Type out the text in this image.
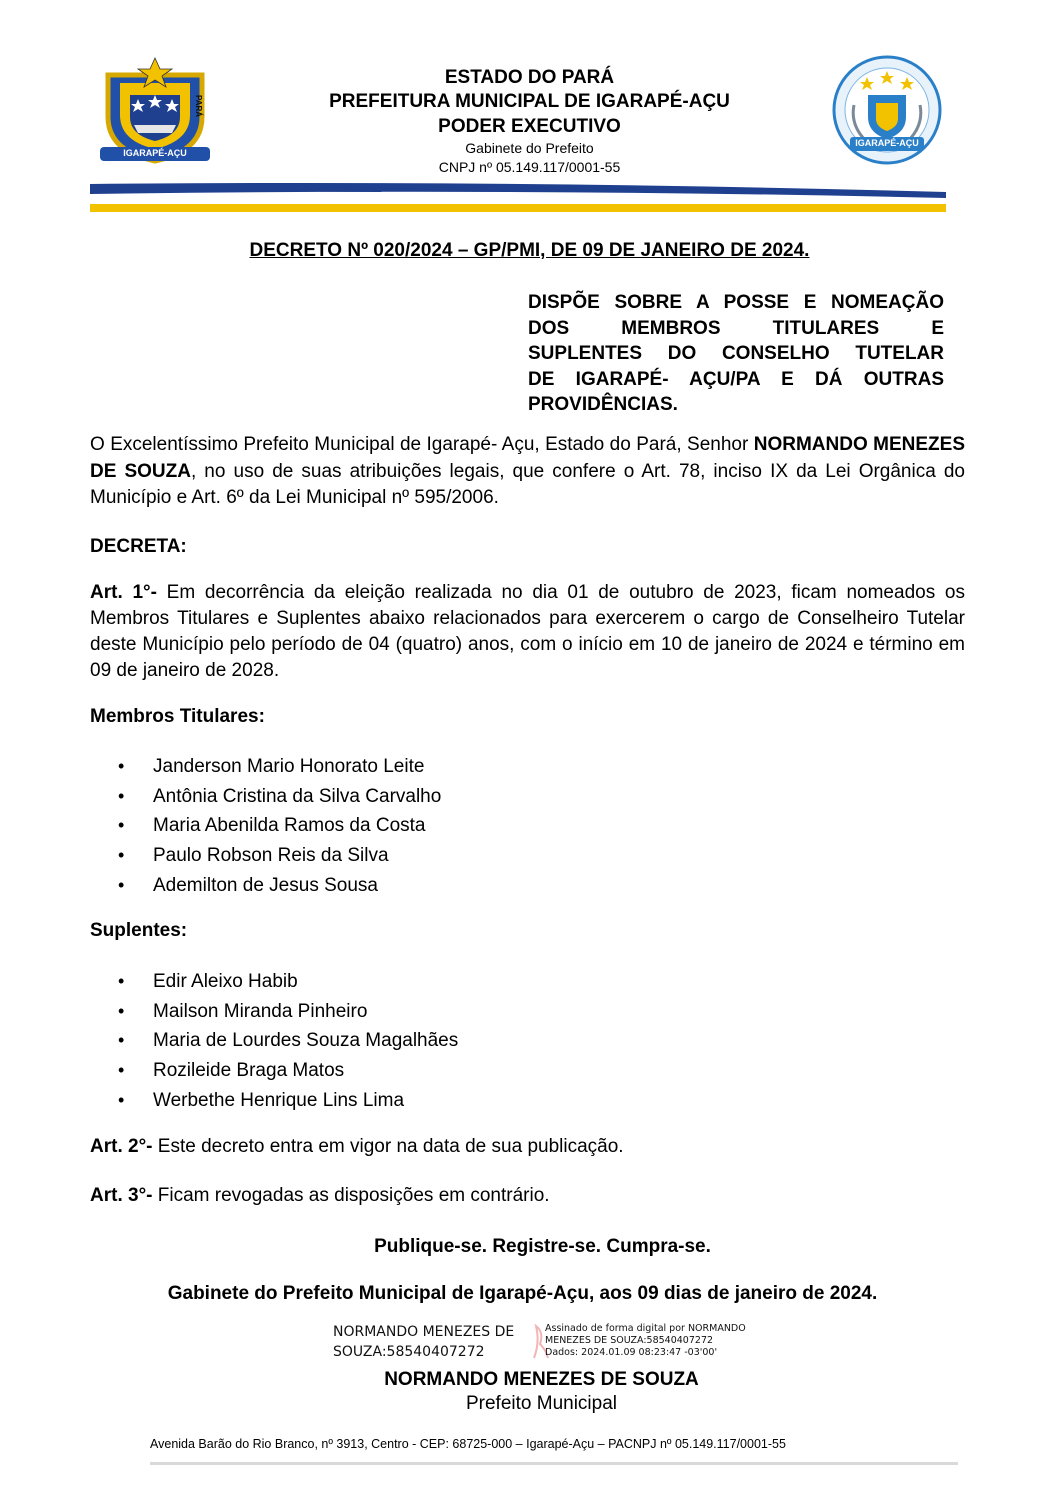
IGARAPÉ-AÇU
PARÁ
IGARAPÉ-AÇU
ESTADO DO PARÁ
PREFEITURA MUNICIPAL DE IGARAPÉ-AÇU
PODER EXECUTIVO
Gabinete do Prefeito
CNPJ nº 05.149.117/0001-55
DECRETO Nº 020/2024 – GP/PMI, DE 09 DE JANEIRO DE 2024.
DISPÕE SOBRE A POSSE E NOMEAÇÃO
DOS MEMBROS TITULARES E
SUPLENTES DO CONSELHO TUTELAR
DE IGARAPÉ- AÇU/PA E DÁ OUTRAS
PROVIDÊNCIAS.
O Excelentíssimo Prefeito Municipal de Igarapé- Açu, Estado do Pará, Senhor NORMANDO MENEZES DE SOUZA, no uso de suas atribuições legais, que confere o Art. 78, inciso IX da Lei Orgânica do Município e Art. 6º da Lei Municipal nº 595/2006.
DECRETA:
Art. 1°- Em decorrência da eleição realizada no dia 01 de outubro de 2023, ficam nomeados os Membros Titulares e Suplentes abaixo relacionados para exercerem o cargo de Conselheiro Tutelar deste Município pelo período de 04 (quatro) anos, com o início em 10 de janeiro de 2024 e término em 09 de janeiro de 2028.
Membros Titulares:
• Janderson Mario Honorato Leite
• Antônia Cristina da Silva Carvalho
• Maria Abenilda Ramos da Costa
• Paulo Robson Reis da Silva
• Ademilton de Jesus Sousa
Suplentes:
• Edir Aleixo Habib
• Mailson Miranda Pinheiro
• Maria de Lourdes Souza Magalhães
• Rozileide Braga Matos
• Werbethe Henrique Lins Lima
Art. 2°- Este decreto entra em vigor na data de sua publicação.
Art. 3°- Ficam revogadas as disposições em contrário.
Publique-se. Registre-se. Cumpra-se.
Gabinete do Prefeito Municipal de Igarapé-Açu, aos 09 dias de janeiro de 2024.
NORMANDO MENEZES DE
SOUZA:58540407272
Assinado de forma digital por NORMANDO
MENEZES DE SOUZA:58540407272
Dados: 2024.01.09 08:23:47 -03'00'
NORMANDO MENEZES DE SOUZA
Prefeito Municipal
Avenida Barão do Rio Branco, nº 3913, Centro - CEP: 68725-000 – Igarapé-Açu – PACNPJ nº 05.149.117/0001-55
